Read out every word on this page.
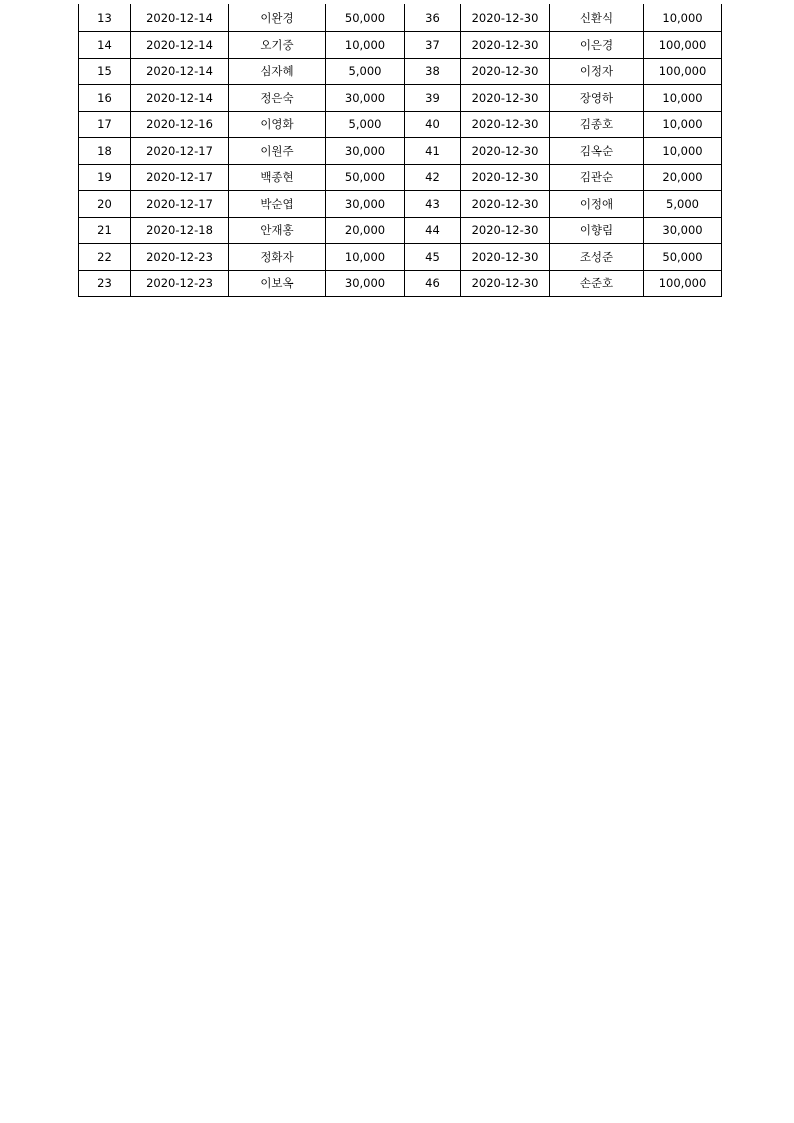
13	2020-12-14	이완경	50,000	36	2020-12-30	신환식	10,000
14	2020-12-14	오기중	10,000	37	2020-12-30	이은경	100,000
15	2020-12-14	심자혜	5,000	38	2020-12-30	이정자	100,000
16	2020-12-14	정은숙	30,000	39	2020-12-30	장영하	10,000
17	2020-12-16	이영화	5,000	40	2020-12-30	김종호	10,000
18	2020-12-17	이원주	30,000	41	2020-12-30	김옥순	10,000
19	2020-12-17	백종현	50,000	42	2020-12-30	김관순	20,000
20	2020-12-17	박순엽	30,000	43	2020-12-30	이정애	5,000
21	2020-12-18	안재홍	20,000	44	2020-12-30	이향림	30,000
22	2020-12-23	정화자	10,000	45	2020-12-30	조성준	50,000
23	2020-12-23	이보옥	30,000	46	2020-12-30	손준호	100,000
